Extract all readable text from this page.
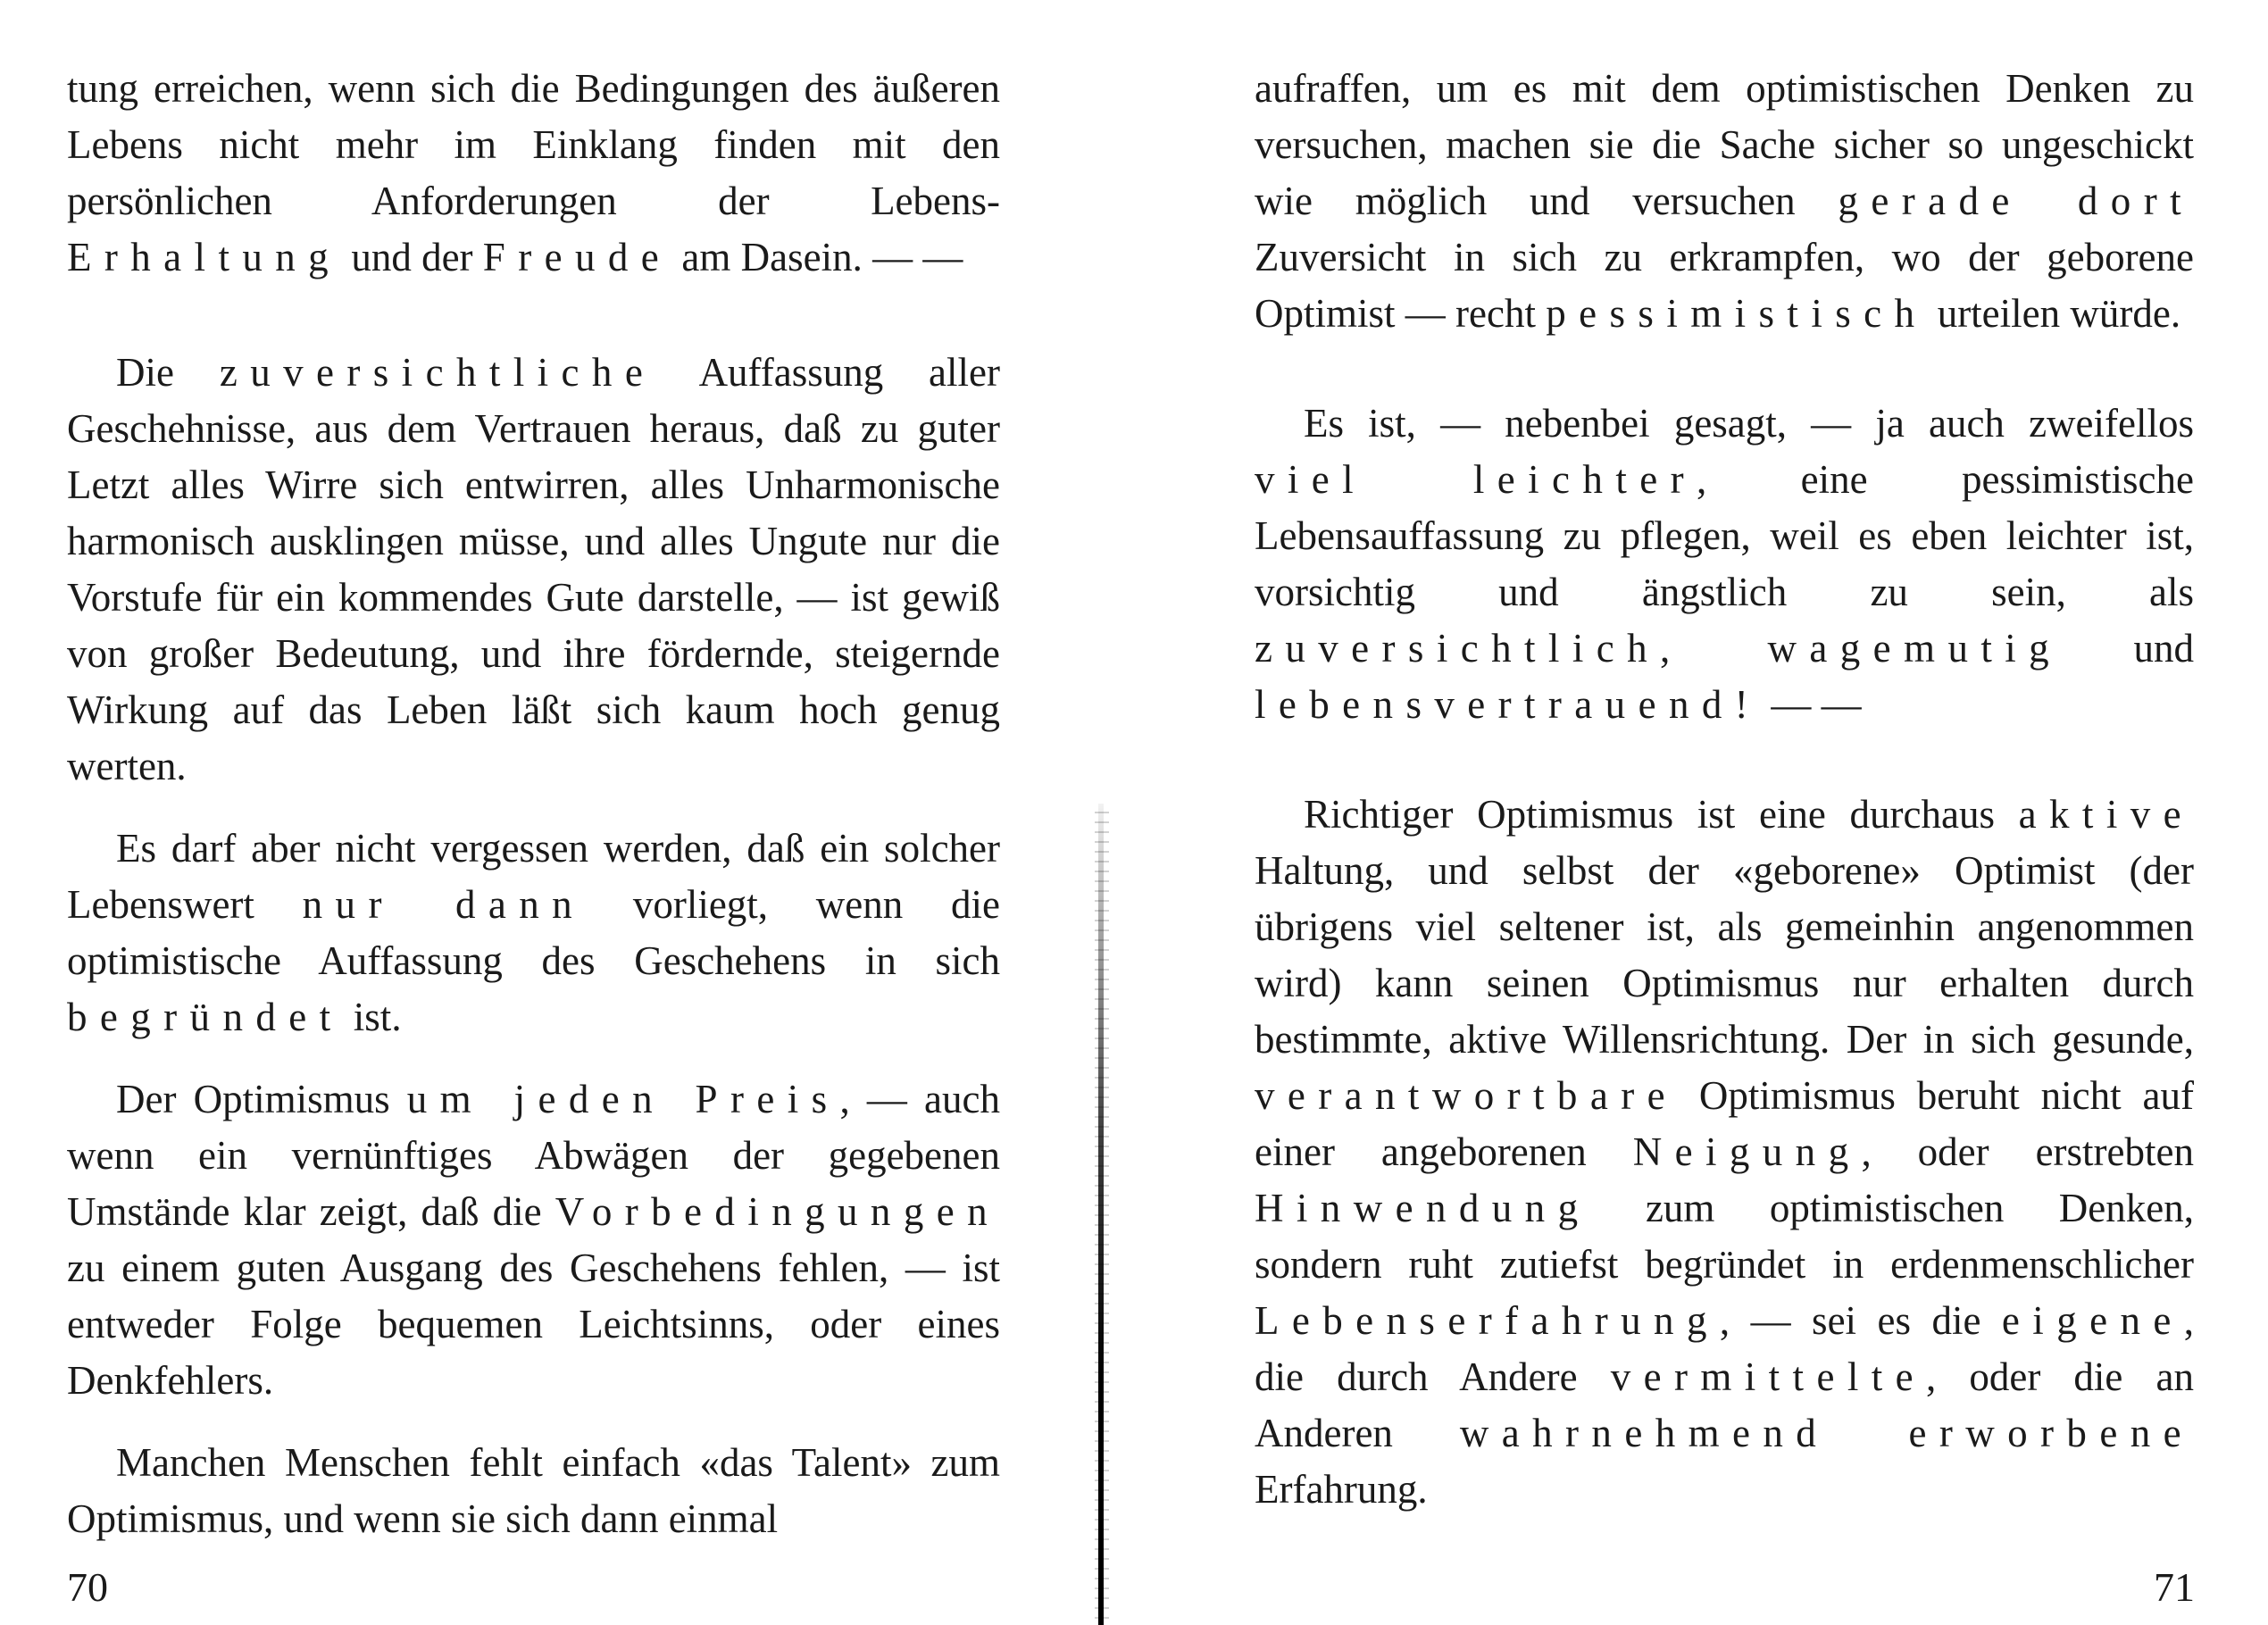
tung erreichen, wenn sich die Bedingungen des äußeren Lebens nicht mehr im Einklang finden mit den persönlichen Anforderungen der Lebens-Erhaltung und der Freude am Dasein. — —

Die zuversichtliche Auffassung aller Geschehnisse, aus dem Vertrauen heraus, daß zu guter Letzt alles Wirre sich entwirren, alles Unharmonische harmonisch ausklingen müsse, und alles Ungute nur die Vorstufe für ein kommendes Gute darstelle, — ist gewiß von großer Bedeutung, und ihre fördernde, steigernde Wirkung auf das Leben läßt sich kaum hoch genug werten.

Es darf aber nicht vergessen werden, daß ein solcher Lebenswert nur dann vorliegt, wenn die optimistische Auffassung des Geschehens in sich begründet ist.

Der Optimismus um jeden Preis, — auch wenn ein vernünftiges Abwägen der gegebenen Umstände klar zeigt, daß die Vorbedingungen zu einem guten Ausgang des Geschehens fehlen, — ist entweder Folge bequemen Leichtsinns, oder eines Denkfehlers.

Manchen Menschen fehlt einfach «das Talent» zum Optimismus, und wenn sie sich dann einmal

70

aufraffen, um es mit dem optimistischen Denken zu versuchen, machen sie die Sache sicher so ungeschickt wie möglich und versuchen gerade dort Zuversicht in sich zu erkrampfen, wo der geborene Optimist — recht pessimistisch urteilen würde.

Es ist, — nebenbei gesagt, — ja auch zweifellos viel leichter, eine pessimistische Lebensauffassung zu pflegen, weil es eben leichter ist, vorsichtig und ängstlich zu sein, als zuversichtlich, wagemutig und lebensvertrauend! — —

Richtiger Optimismus ist eine durchaus aktive Haltung, und selbst der «geborene» Optimist (der übrigens viel seltener ist, als gemeinhin angenommen wird) kann seinen Optimismus nur erhalten durch bestimmte, aktive Willensrichtung. Der in sich gesunde, verantwortbare Optimismus beruht nicht auf einer angeborenen Neigung, oder erstrebten Hinwendung zum optimistischen Denken, sondern ruht zutiefst begründet in erdenmenschlicher Lebenserfahrung, — sei es die eigene, die durch Andere vermittelte, oder die an Anderen wahrnehmend erworbene Erfahrung.

71
